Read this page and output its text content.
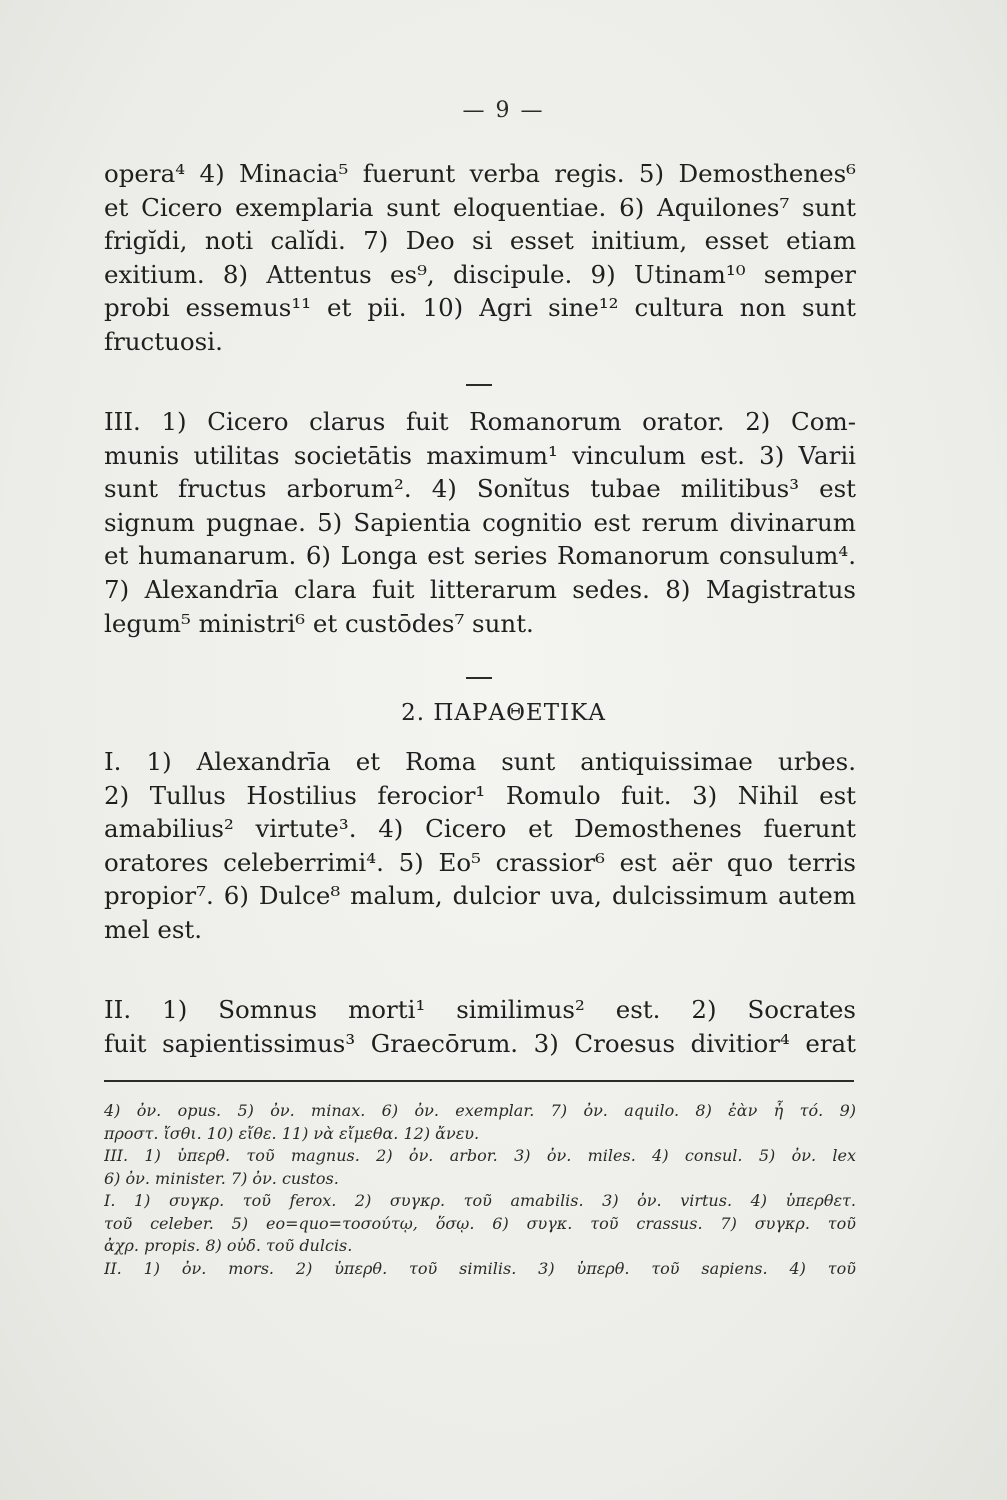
— 9 —
opera⁴ 4) Minacia⁵ fuerunt verba regis. 5) Demosthenes⁶
et Cicero exemplaria sunt eloquentiae. 6) Aquilones⁷ sunt
frigĭdi, noti calĭdi. 7) Deo si esset initium, esset etiam
exitium. 8) Attentus es⁹, discipule. 9) Utinam¹⁰ semper
probi essemus¹¹ et pii. 10) Agri sine¹² cultura non sunt
fructuosi.
III. 1) Cicero clarus fuit Romanorum orator. 2) Com-
munis utilitas societātis maximum¹ vinculum est. 3) Varii
sunt fructus arborum². 4) Sonĭtus tubae militibus³ est
signum pugnae. 5) Sapientia cognitio est rerum divinarum
et humanarum. 6) Longa est series Romanorum consulum⁴.
7) Alexandrīa clara fuit litterarum sedes. 8) Magistratus
legum⁵ ministri⁶ et custōdes⁷ sunt.
2. ΠΑΡΑΘΕΤΙΚΑ
I. 1) Alexandrīa et Roma sunt antiquissimae urbes.
2) Tullus Hostilius ferocior¹ Romulo fuit. 3) Nihil est
amabilius² virtute³. 4) Cicero et Demosthenes fuerunt
oratores celeberrimi⁴. 5) Eo⁵ crassior⁶ est aër quo terris
propior⁷. 6) Dulce⁸ malum, dulcior uva, dulcissimum autem
mel est.
II. 1) Somnus morti¹ similimus² est. 2) Socrates
fuit sapientissimus³ Graecōrum. 3) Croesus divitior⁴ erat
4) ὀν. opus. 5) ὀν. minax. 6) ὀν. exemplar. 7) ὀν. aquilo. 8) ἐὰν ἦ τό. 9)
προστ. ἴσθι. 10) εἴθε. 11) νὰ εἴμεθα. 12) ἄνευ.
III. 1) ὑπερθ. τοῦ magnus. 2) ὀν. arbor. 3) ὀν. miles. 4) consul. 5) ὀν. lex
6) ὀν. minister. 7) ὀν. custos.
I. 1) συγκρ. τοῦ ferox. 2) συγκρ. τοῦ amabilis. 3) ὀν. virtus. 4) ὑπερθετ.
τοῦ celeber. 5) eo=quo=τοσούτῳ, ὅσῳ. 6) συγκ. τοῦ crassus. 7) συγκρ. τοῦ
ἀχρ. propis. 8) οὐδ. τοῦ dulcis.
II. 1) ὀν. mors. 2) ὑπερθ. τοῦ similis. 3) ὑπερθ. τοῦ sapiens. 4) τοῦ
